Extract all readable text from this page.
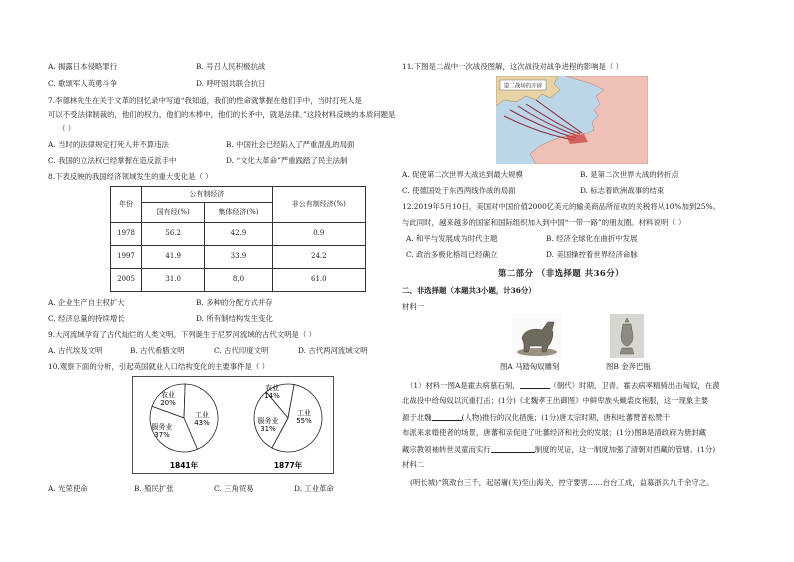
A. 揭露日本侵略罪行	B. 号召人民积极抗战
C. 歌颂军人英勇斗争	D. 呼吁国共联合抗日
7.李德林先生在关于文革的回忆录中写道“我知道，我们的性命就掌握在他们手中，当时打死人是
可以不受法律制裁的，他们的权力，他们的木棒中，他们的长矛中，就是法律。”这段材料反映的本质问题是
（ ）
A. 当时的法律规定打死人并不算违法	B. 中国社会已经陷入了严重混乱的局面
C. 我国的立法权已经掌握在造反派手中	D. “文化大革命”严重践踏了民主法制
8.下表反映的我国经济领域发生的重大变化是（ ）
年份	公有制经济		非公有制经济(%)
	国有经(%)	集体经济(%)	
1978	56.2	42.9	0.9
1997	41.9	33.9	24.2
2005	31.0	8.0	61.0
A. 企业生产自主权扩大	B. 多种的分配方式并存
C. 经济总量的持续增长	D. 所有制结构发生变化
9.大河流域孕育了古代灿烂的人类文明。下列诞生于尼罗河流域的古代文明是（ ）
A. 古代埃及文明	B. 古代希腊文明	C. 古代印度文明	D. 古代两河流域文明
10.观察下面的分析，引起英国就业人口结构变化的主要事件是（ ）
农业
20%
工业
43%
服务业
37%
1841年
农业
14%
工业
55%
服务业
31%
1877年
A. 光荣使命	B. 殖民扩张	C. 三角贸易	D. 工业革命
11.下图是二战中一次战役图解，这次战役对战争进程的影响是（ ）
第二战场的开辟
A. 促使第二次世界大战达到最大规模	B. 是第二次世界大战的转折点
C. 使德国处于东西两线作战的局面	D. 标志着欧洲战事的结束
12.2019年5月10日，美国对中国价值2000亿美元的输美商品所征收的关税将从10%加到25%。
与此同时，越来越多的国家和国际组织加入到中国“一带一路”的朋友圈。材料说明（ ）
A. 和平与发展成为时代主题	B. 经济全球化在曲折中发展
C. 政治多极化格局已经确立	D. 美国操控着世界经济命脉
第二部分 （非选择题 共36分）
二、非选择题（本题共3小题，计36分）
材料一
图A 马踏匈奴雕刻	图B 金奔巴瓶
（1）材料一图A是霍去病墓石刻，	（朝代）时期，卫青、霍去病率精骑出击匈奴，在漠
北战役中给匈奴以沉重打击；(1分)《北魏孝王出御图》中鲜卑族头戴裘皮袍服，这一现象主要
源于北魏	(人物)推行的汉化措施；(1分)唐太宗时期，唐和吐蕃赞普松赞干
布派来求婚使者的场景，唐蕃和亲促进了吐蕃经济和社会的发展；(1分)图B是清政府为册封藏
藏宗教领袖转世灵童而实行	制度的见证，这一制度加强了清朝对西藏的管辖。(1分)
材料二
(明长城)“筑敌台三千，起居庸(关)至山海关，控守要害……台台工成，益募浙兵九千余守之。
